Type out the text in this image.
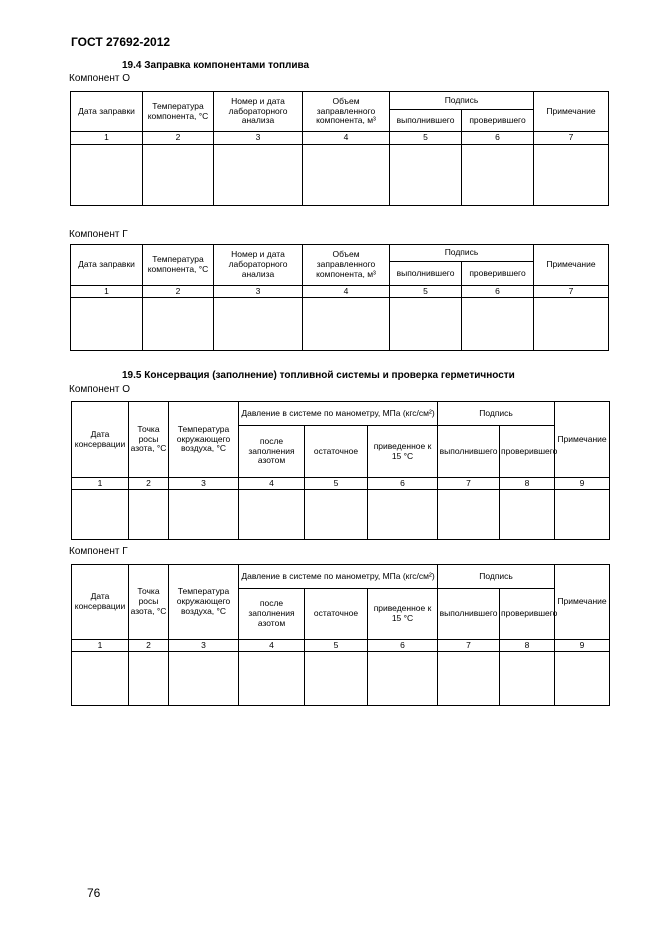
ГОСТ 27692-2012
19.4 Заправка компонентами топлива
Компонент О
Дата заправки	Температура компонента, °С	Номер и дата лабораторного анализа	Объем заправленного компонента, м³	Подпись		Примечание
				выполнившего	проверившего	
1	2	3	4	5	6	7

Компонент Г
Дата заправки	Температура компонента, °С	Номер и дата лабораторного анализа	Объем заправленного компонента, м³	Подпись		Примечание
				выполнившего	проверившего	
1	2	3	4	5	6	7

19.5 Консервация (заполнение) топливной системы и проверка герметичности
Компонент О
Дата консервации	Точка росы азота, °С	Температура окружающего воздуха, °С	Давление в системе по манометру, МПа (кгс/см²)			Подпись		Примечание
			после заполнения азотом	остаточное	приведенное к 15 °С	выполнившего	проверившего	
1	2	3	4	5	6	7	8	9

Компонент Г
Дата консервации	Точка росы азота, °С	Температура окружающего воздуха, °С	Давление в системе по манометру, МПа (кгс/см²)			Подпись		Примечание
			после заполнения азотом	остаточное	приведенное к 15 °С	выполнившего	проверившего	
1	2	3	4	5	6	7	8	9

76
